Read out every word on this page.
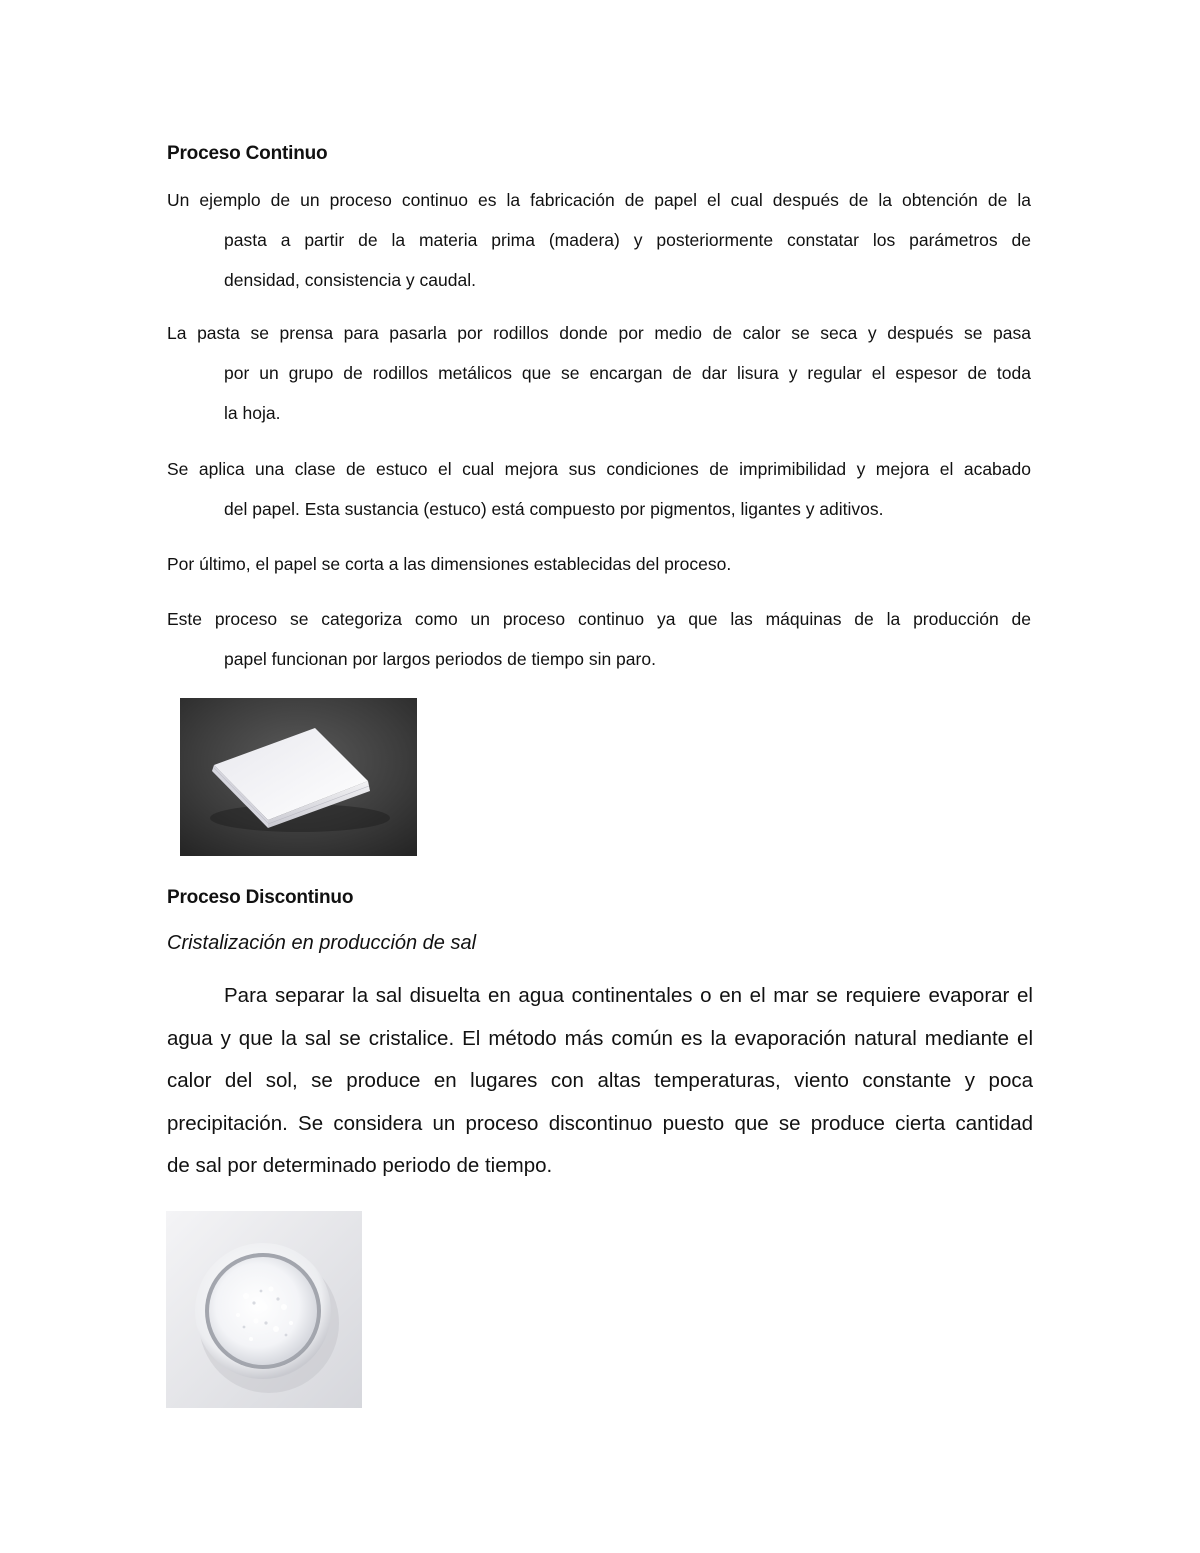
Proceso Continuo
Un ejemplo de un proceso continuo es la fabricación de papel el cual después de la obtención de la
pasta a partir de la materia prima (madera) y posteriormente constatar los parámetros de
densidad, consistencia y caudal.
La pasta se prensa para pasarla por rodillos donde por medio de calor se seca y después se pasa
por un grupo de rodillos metálicos que se encargan de dar lisura y regular el espesor de toda
la hoja.
Se aplica una clase de estuco el cual mejora sus condiciones de imprimibilidad y mejora el acabado
del papel. Esta sustancia (estuco) está compuesto por pigmentos, ligantes y aditivos.
Por último, el papel se corta a las dimensiones establecidas del proceso.
Este proceso se categoriza como un proceso continuo ya que las máquinas de la producción de
papel funcionan por largos periodos de tiempo sin paro.
Proceso Discontinuo

Cristalización en producción de sal

Para separar la sal disuelta en agua continentales o en el mar se requiere evaporar el
agua y que la sal se cristalice. El método más común es la evaporación natural mediante el
calor del sol, se produce en lugares con altas temperaturas, viento constante y poca
precipitación. Se considera un proceso discontinuo puesto que se produce cierta cantidad
de sal por determinado periodo de tiempo.
